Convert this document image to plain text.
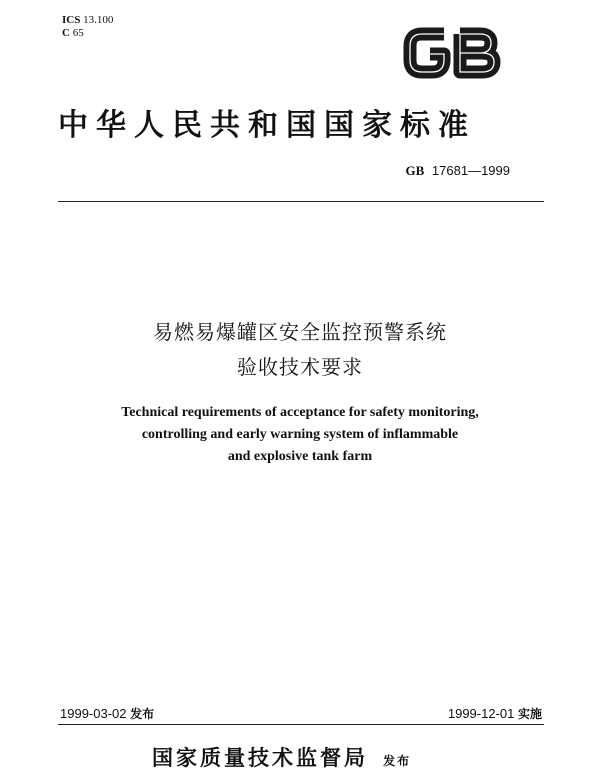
ICS 13.100
C 65
中华人民共和国国家标准
GB 17681—1999
易燃易爆罐区安全监控预警系统
验收技术要求
Technical requirements of acceptance for safety monitoring,
controlling and early warning system of inflammable
and explosive tank farm
1999-03-02 发布	1999-12-01 实施
国家质量技术监督局 发布
